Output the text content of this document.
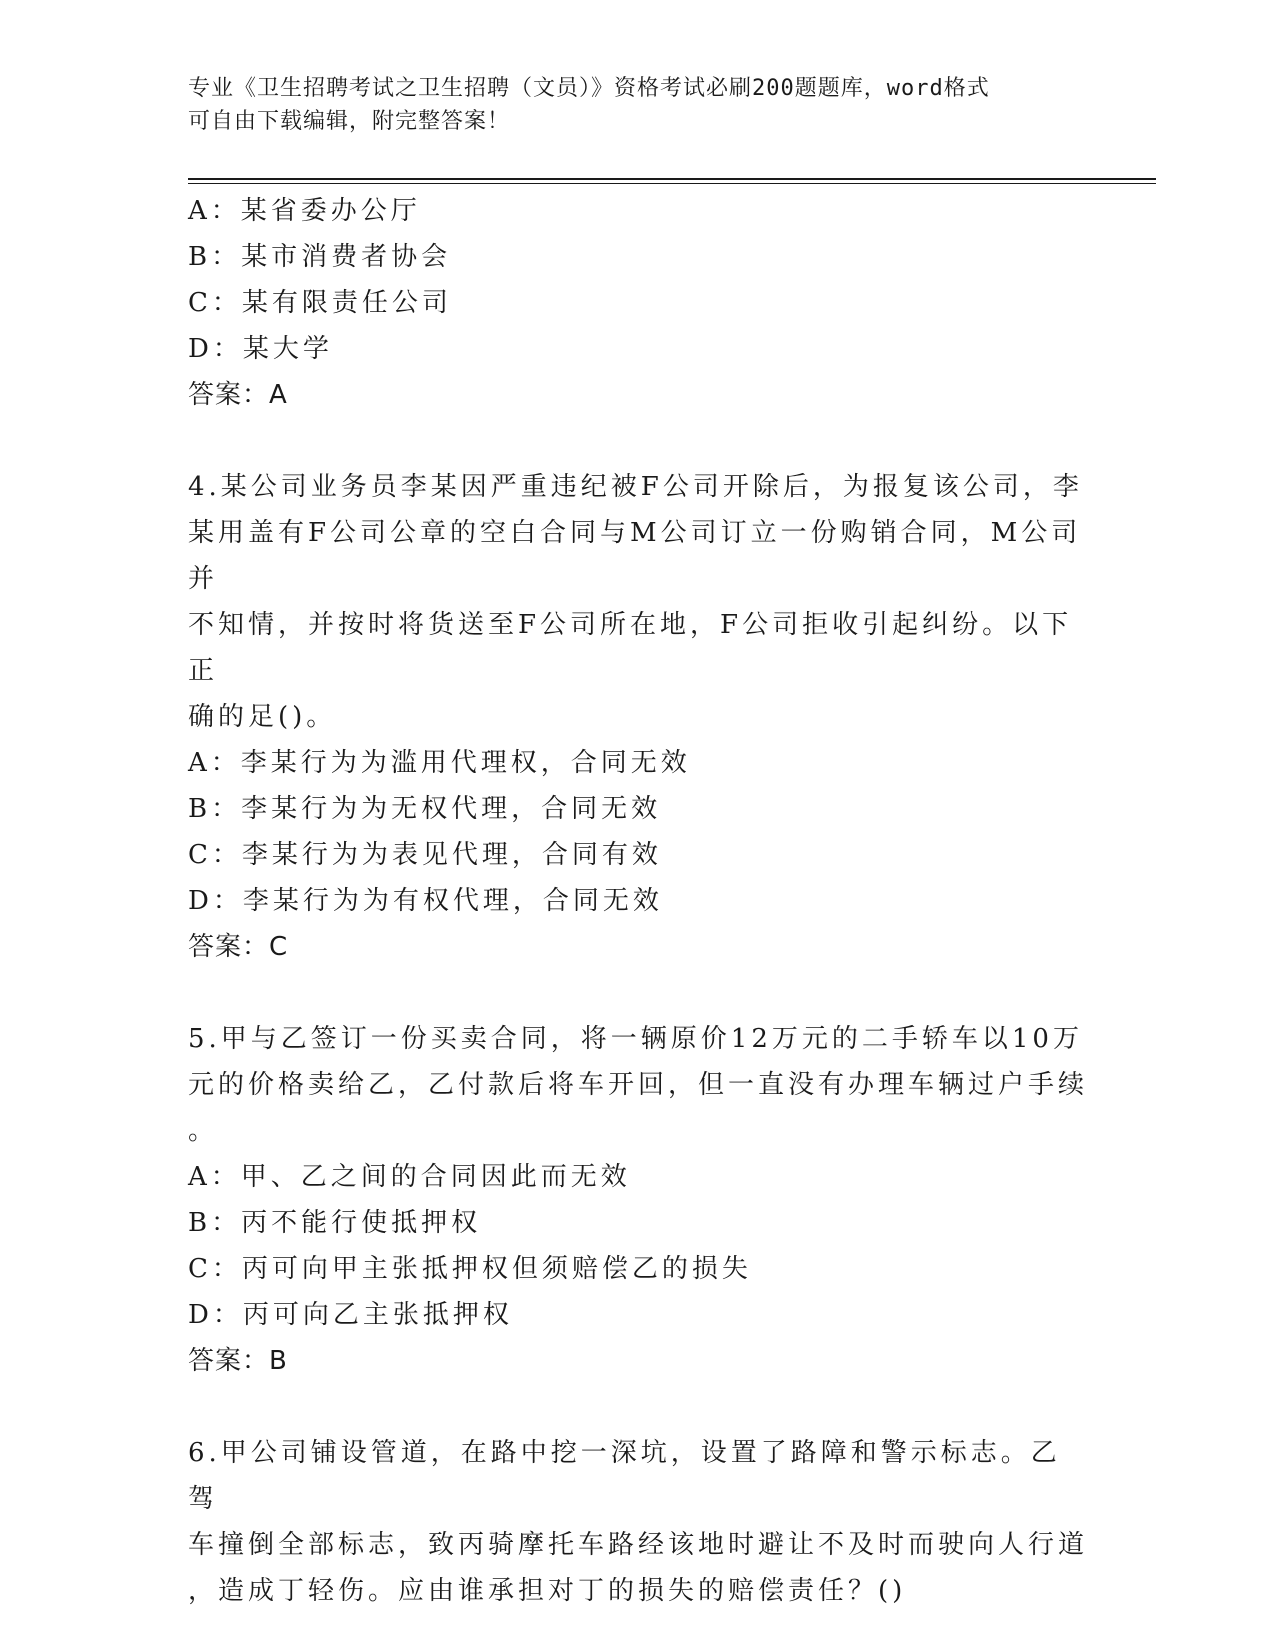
专业《卫生招聘考试之卫生招聘（文员）》资格考试必刷200题题库，word格式
可自由下载编辑，附完整答案！
A：某省委办公厅
B：某市消费者协会
C：某有限责任公司
D：某大学
答案：A
4.某公司业务员李某因严重违纪被F公司开除后，为报复该公司，李
某用盖有F公司公章的空白合同与M公司订立一份购销合同，M公司并
不知情，并按时将货送至F公司所在地，F公司拒收引起纠纷。以下正
确的足()。
A：李某行为为滥用代理权，合同无效
B：李某行为为无权代理，合同无效
C：李某行为为表见代理，合同有效
D：李某行为为有权代理，合同无效
答案：C
5.甲与乙签订一份买卖合同，将一辆原价12万元的二手轿车以10万
元的价格卖给乙，乙付款后将车开回，但一直没有办理车辆过户手续
。
A：甲、乙之间的合同因此而无效
B：丙不能行使抵押权
C：丙可向甲主张抵押权但须赔偿乙的损失
D：丙可向乙主张抵押权
答案：B
6.甲公司铺设管道，在路中挖一深坑，设置了路障和警示标志。乙驾
车撞倒全部标志，致丙骑摩托车路经该地时避让不及时而驶向人行道
，造成丁轻伤。应由谁承担对丁的损失的赔偿责任？()
